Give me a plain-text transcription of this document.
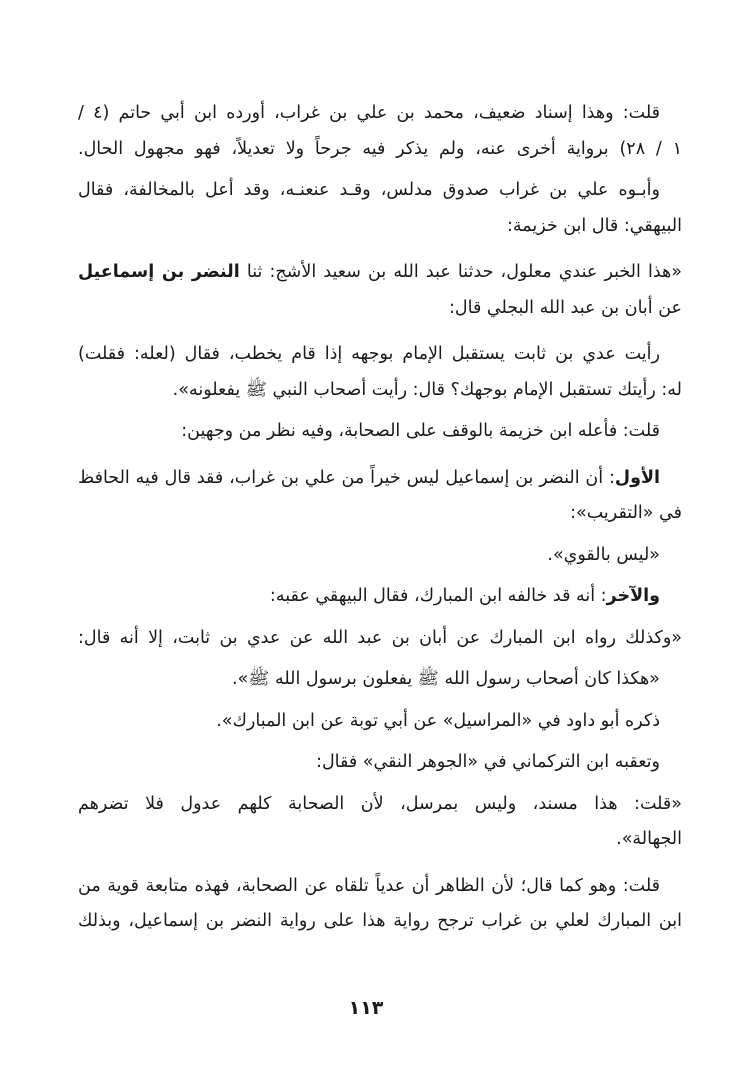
قلت: وهذا إسناد ضعيف، محمد بن علي بن غراب، أورده ابن أبي حاتم (٤ /
١ / ٢٨) برواية أخرى عنه، ولم يذكر فيه جرحاً ولا تعديلاً، فهو مجهول الحال.
وأبـوه علي بن غراب صدوق مدلس، وقـد عنعنـه، وقد أعل بالمخالفة، فقال
البيهقي: قال ابن خزيمة:
«هذا الخبر عندي معلول، حدثنا عبد الله بن سعيد الأشج: ثنا النضر بن إسماعيل
عن أبان بن عبد الله البجلي قال:
رأيت عدي بن ثابت يستقبل الإمام بوجهه إذا قام يخطب، فقال (لعله: فقلت)
له: رأيتك تستقبل الإمام بوجهك؟ قال: رأيت أصحاب النبي ﷺ يفعلونه».
قلت: فأعله ابن خزيمة بالوقف على الصحابة، وفيه نظر من وجهين:
الأول: أن النضر بن إسماعيل ليس خيراً من علي بن غراب، فقد قال فيه الحافظ
في «التقريب»:
«ليس بالقوي».
والآخر: أنه قد خالفه ابن المبارك، فقال البيهقي عقبه:
«وكذلك رواه ابن المبارك عن أبان بن عبد الله عن عدي بن ثابت، إلا أنه قال:
«هكذا كان أصحاب رسول الله ﷺ يفعلون برسول الله ﷺ».
ذكره أبو داود في «المراسيل» عن أبي توبة عن ابن المبارك».
وتعقبه ابن التركماني في «الجوهر النقي» فقال:
«قلت: هذا مسند، وليس بمرسل، لأن الصحابة كلهم عدول فلا تضرهم
الجهالة».
قلت: وهو كما قال؛ لأن الظاهر أن عدياً تلقاه عن الصحابة، فهذه متابعة قوية من
ابن المبارك لعلي بن غراب ترجح رواية هذا على رواية النضر بن إسماعيل، وبذلك
١١٣
